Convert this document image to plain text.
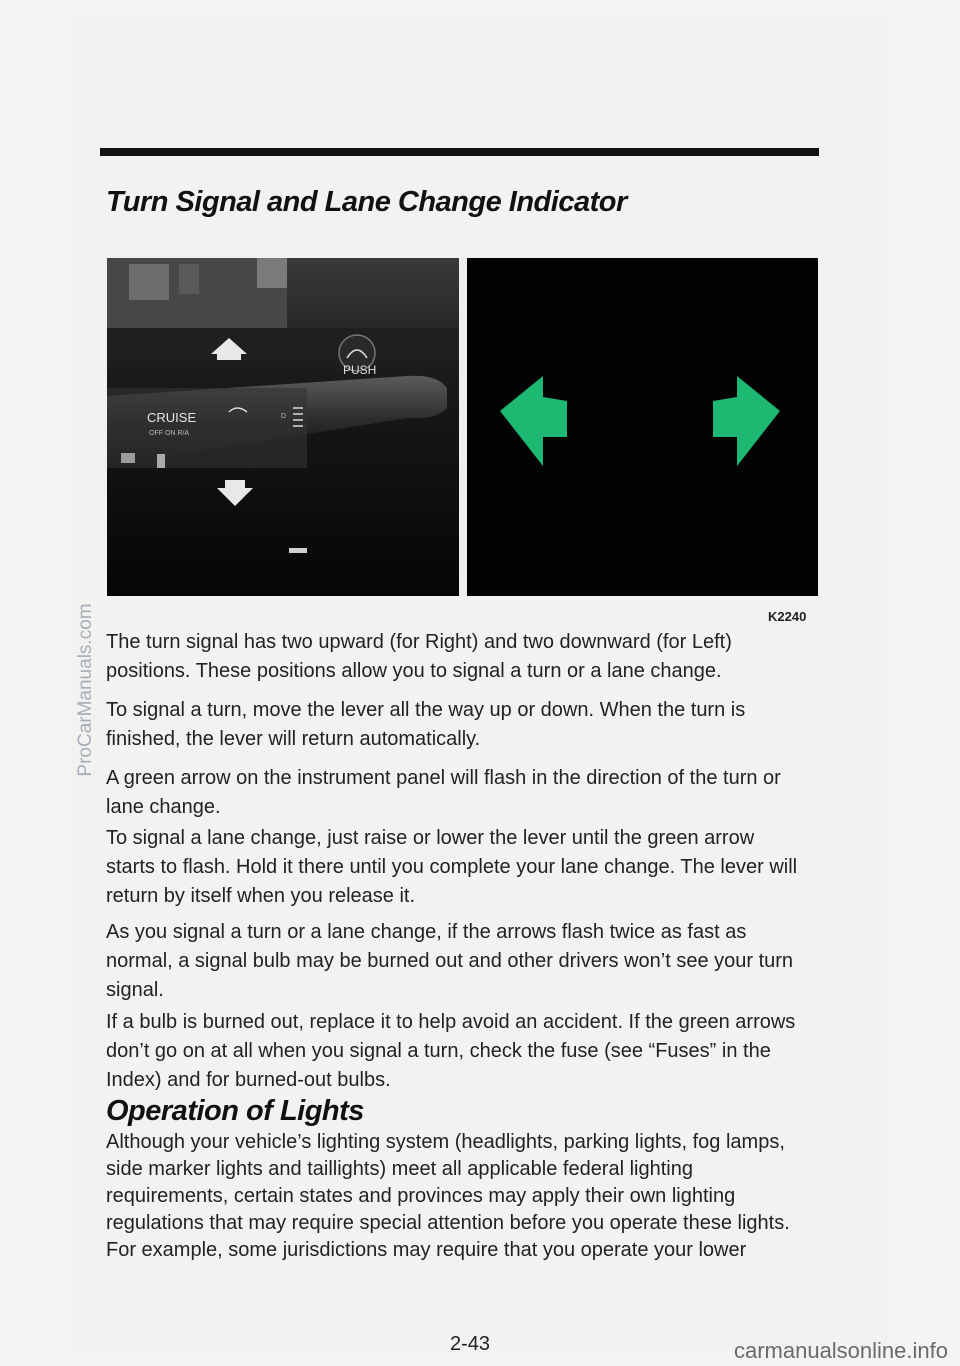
Turn Signal and Lane Change Indicator
PUSH
CRUISE
OFF ON R/A
D
K2240

The turn signal has two upward (for Right) and two downward (for Left) positions. These positions allow you to signal a turn or a lane change.

To signal a turn, move the lever all the way up or down. When the turn is finished, the lever will return automatically.

A green arrow on the instrument panel will flash in the direction of the turn or lane change.

To signal a lane change, just raise or lower the lever until the green arrow starts to flash. Hold it there until you complete your lane change. The lever will return by itself when you release it.

As you signal a turn or a lane change, if the arrows flash twice as fast as normal, a signal bulb may be burned out and other drivers won’t see your turn signal.

If a bulb is burned out, replace it to help avoid an accident. If the green arrows don’t go on at all when you signal a turn, check the fuse (see “Fuses” in the Index) and for burned-out bulbs.

Operation of Lights

Although your vehicle’s lighting system (headlights, parking lights, fog lamps, side marker lights and taillights) meet all applicable federal lighting requirements, certain states and provinces may apply their own lighting regulations that may require special attention before you operate these lights. For example, some jurisdictions may require that you operate your lower

2-43
ProCarManuals.com
carmanualsonline.info
